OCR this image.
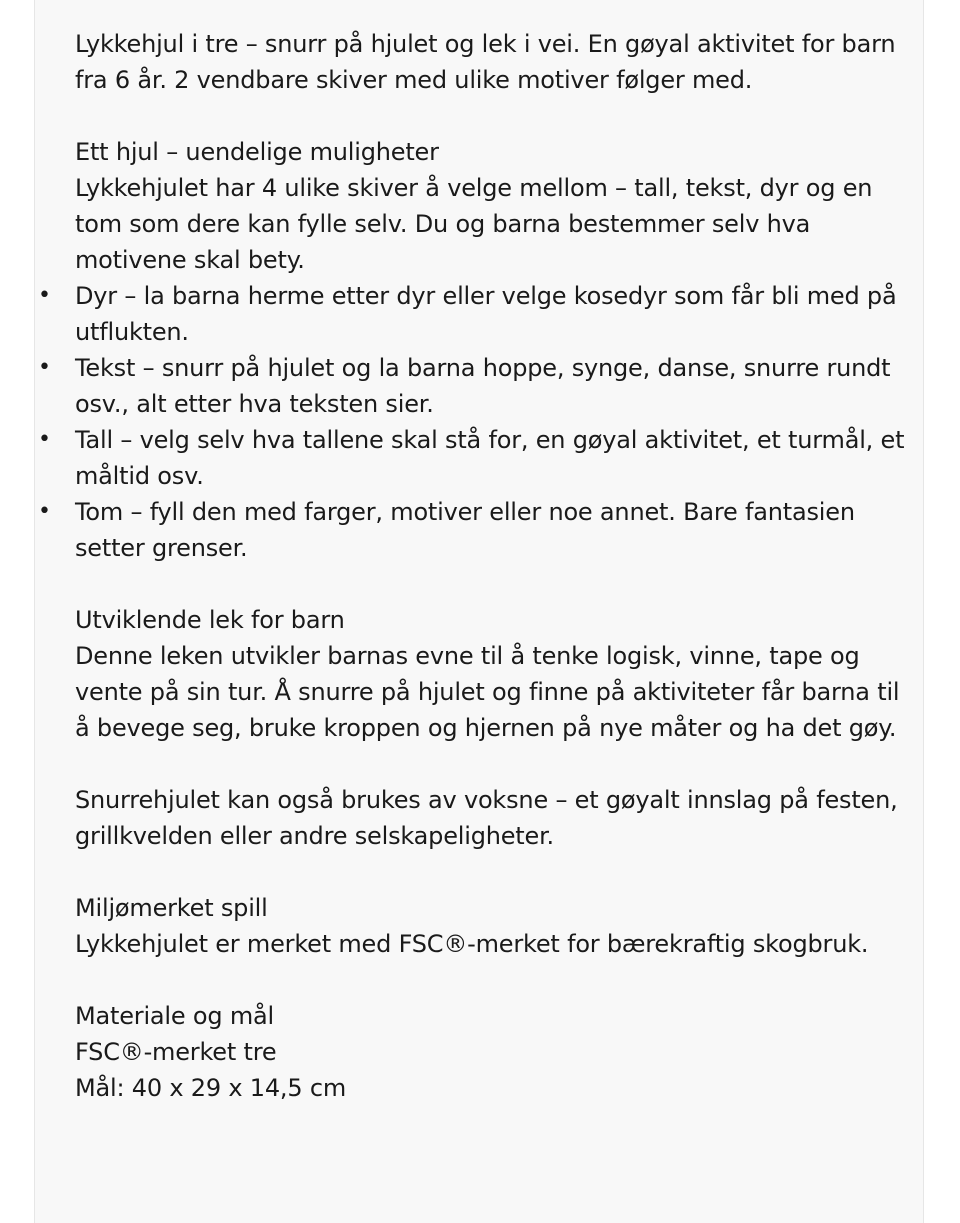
Lykkehjul i tre – snurr på hjulet og lek i vei. En gøyal aktivitet for barn fra 6 år. 2 vendbare skiver med ulike motiver følger med.

Ett hjul – uendelige muligheter

Lykkehjulet har 4 ulike skiver å velge mellom – tall, tekst, dyr og en tom som dere kan fylle selv. Du og barna bestemmer selv hva motivene skal bety.

• Dyr – la barna herme etter dyr eller velge kosedyr som får bli med på utflukten.
• Tekst – snurr på hjulet og la barna hoppe, synge, danse, snurre rundt osv., alt etter hva teksten sier.
• Tall – velg selv hva tallene skal stå for, en gøyal aktivitet, et turmål, et måltid osv.
• Tom – fyll den med farger, motiver eller noe annet. Bare fantasien setter grenser.

Utviklende lek for barn

Denne leken utvikler barnas evne til å tenke logisk, vinne, tape og vente på sin tur. Å snurre på hjulet og finne på aktiviteter får barna til å bevege seg, bruke kroppen og hjernen på nye måter og ha det gøy.

Snurrehjulet kan også brukes av voksne – et gøyalt innslag på festen, grillkvelden eller andre selskapeligheter.

Miljømerket spill

Lykkehjulet er merket med FSC®-merket for bærekraftig skogbruk.

Materiale og mål

FSC®-merket tre

Mål: 40 x 29 x 14,5 cm
